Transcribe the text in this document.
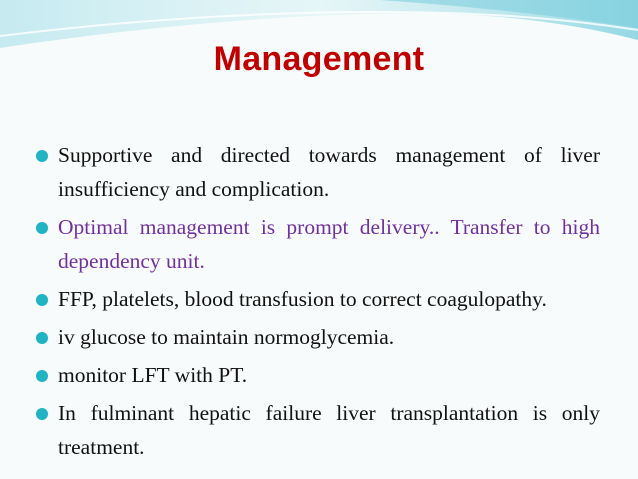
Management
Supportive and directed towards management of liver insufficiency and complication.
Optimal management is prompt delivery.. Transfer to high dependency unit.
FFP, platelets, blood transfusion to correct coagulopathy.
iv glucose to maintain normoglycemia.
monitor LFT with PT.
In fulminant hepatic failure liver transplantation is only treatment.
